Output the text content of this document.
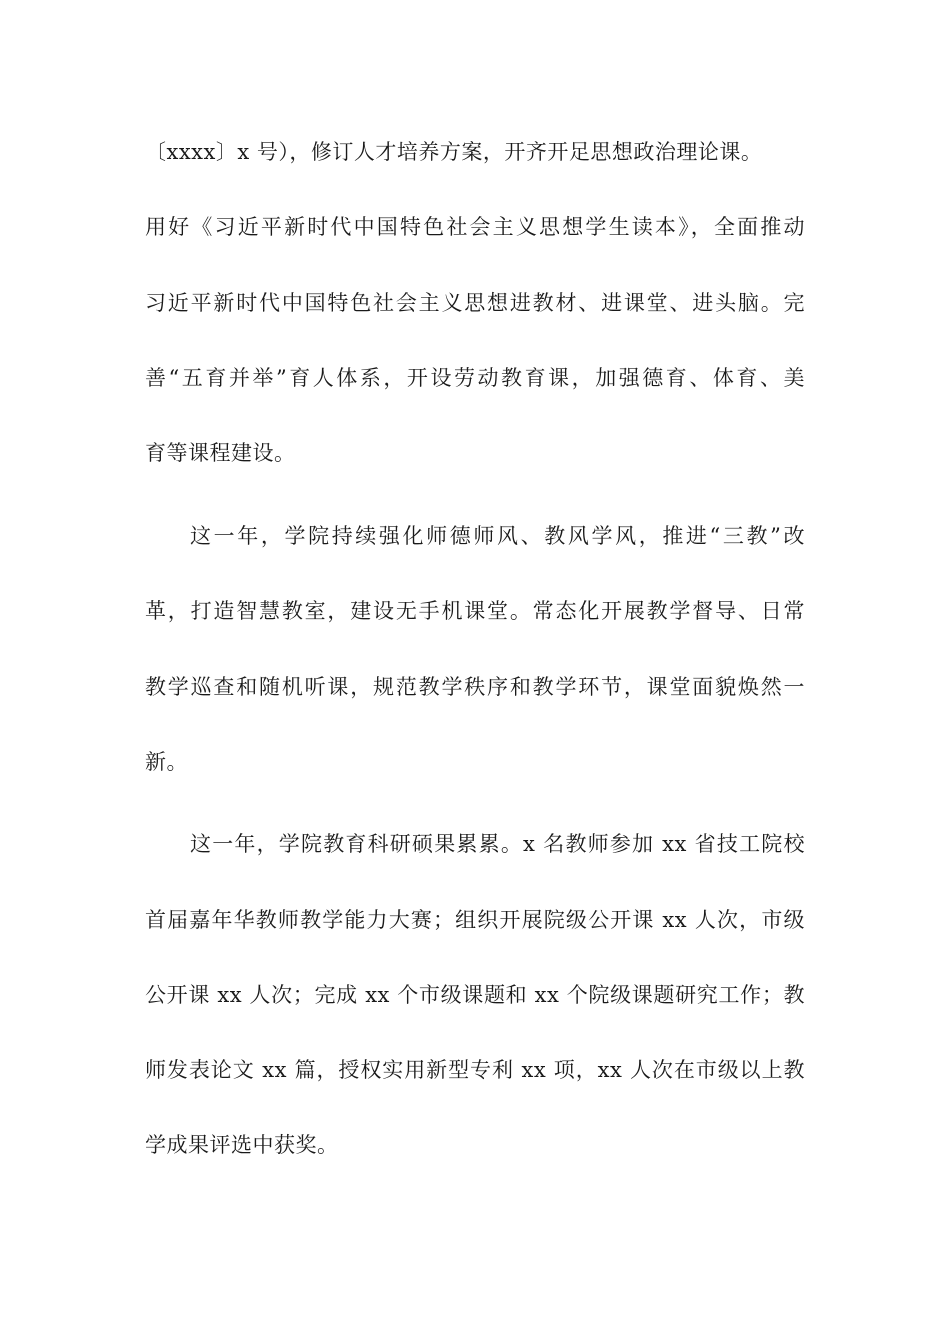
〔xxxx〕x 号），修订人才培养方案，开齐开足思想政治理论课。
用好《习近平新时代中国特色社会主义思想学生读本》，全面推动
习近平新时代中国特色社会主义思想进教材、进课堂、进头脑。完
善“五育并举”育人体系，开设劳动教育课，加强德育、体育、美
育等课程建设。
这一年，学院持续强化师德师风、教风学风，推进“三教”改
革，打造智慧教室，建设无手机课堂。常态化开展教学督导、日常
教学巡查和随机听课，规范教学秩序和教学环节，课堂面貌焕然一
新。
这一年，学院教育科研硕果累累。x 名教师参加 xx 省技工院校
首届嘉年华教师教学能力大赛；组织开展院级公开课 xx 人次，市级
公开课 xx 人次；完成 xx 个市级课题和 xx 个院级课题研究工作；教
师发表论文 xx 篇，授权实用新型专利 xx 项，xx 人次在市级以上教
学成果评选中获奖。
